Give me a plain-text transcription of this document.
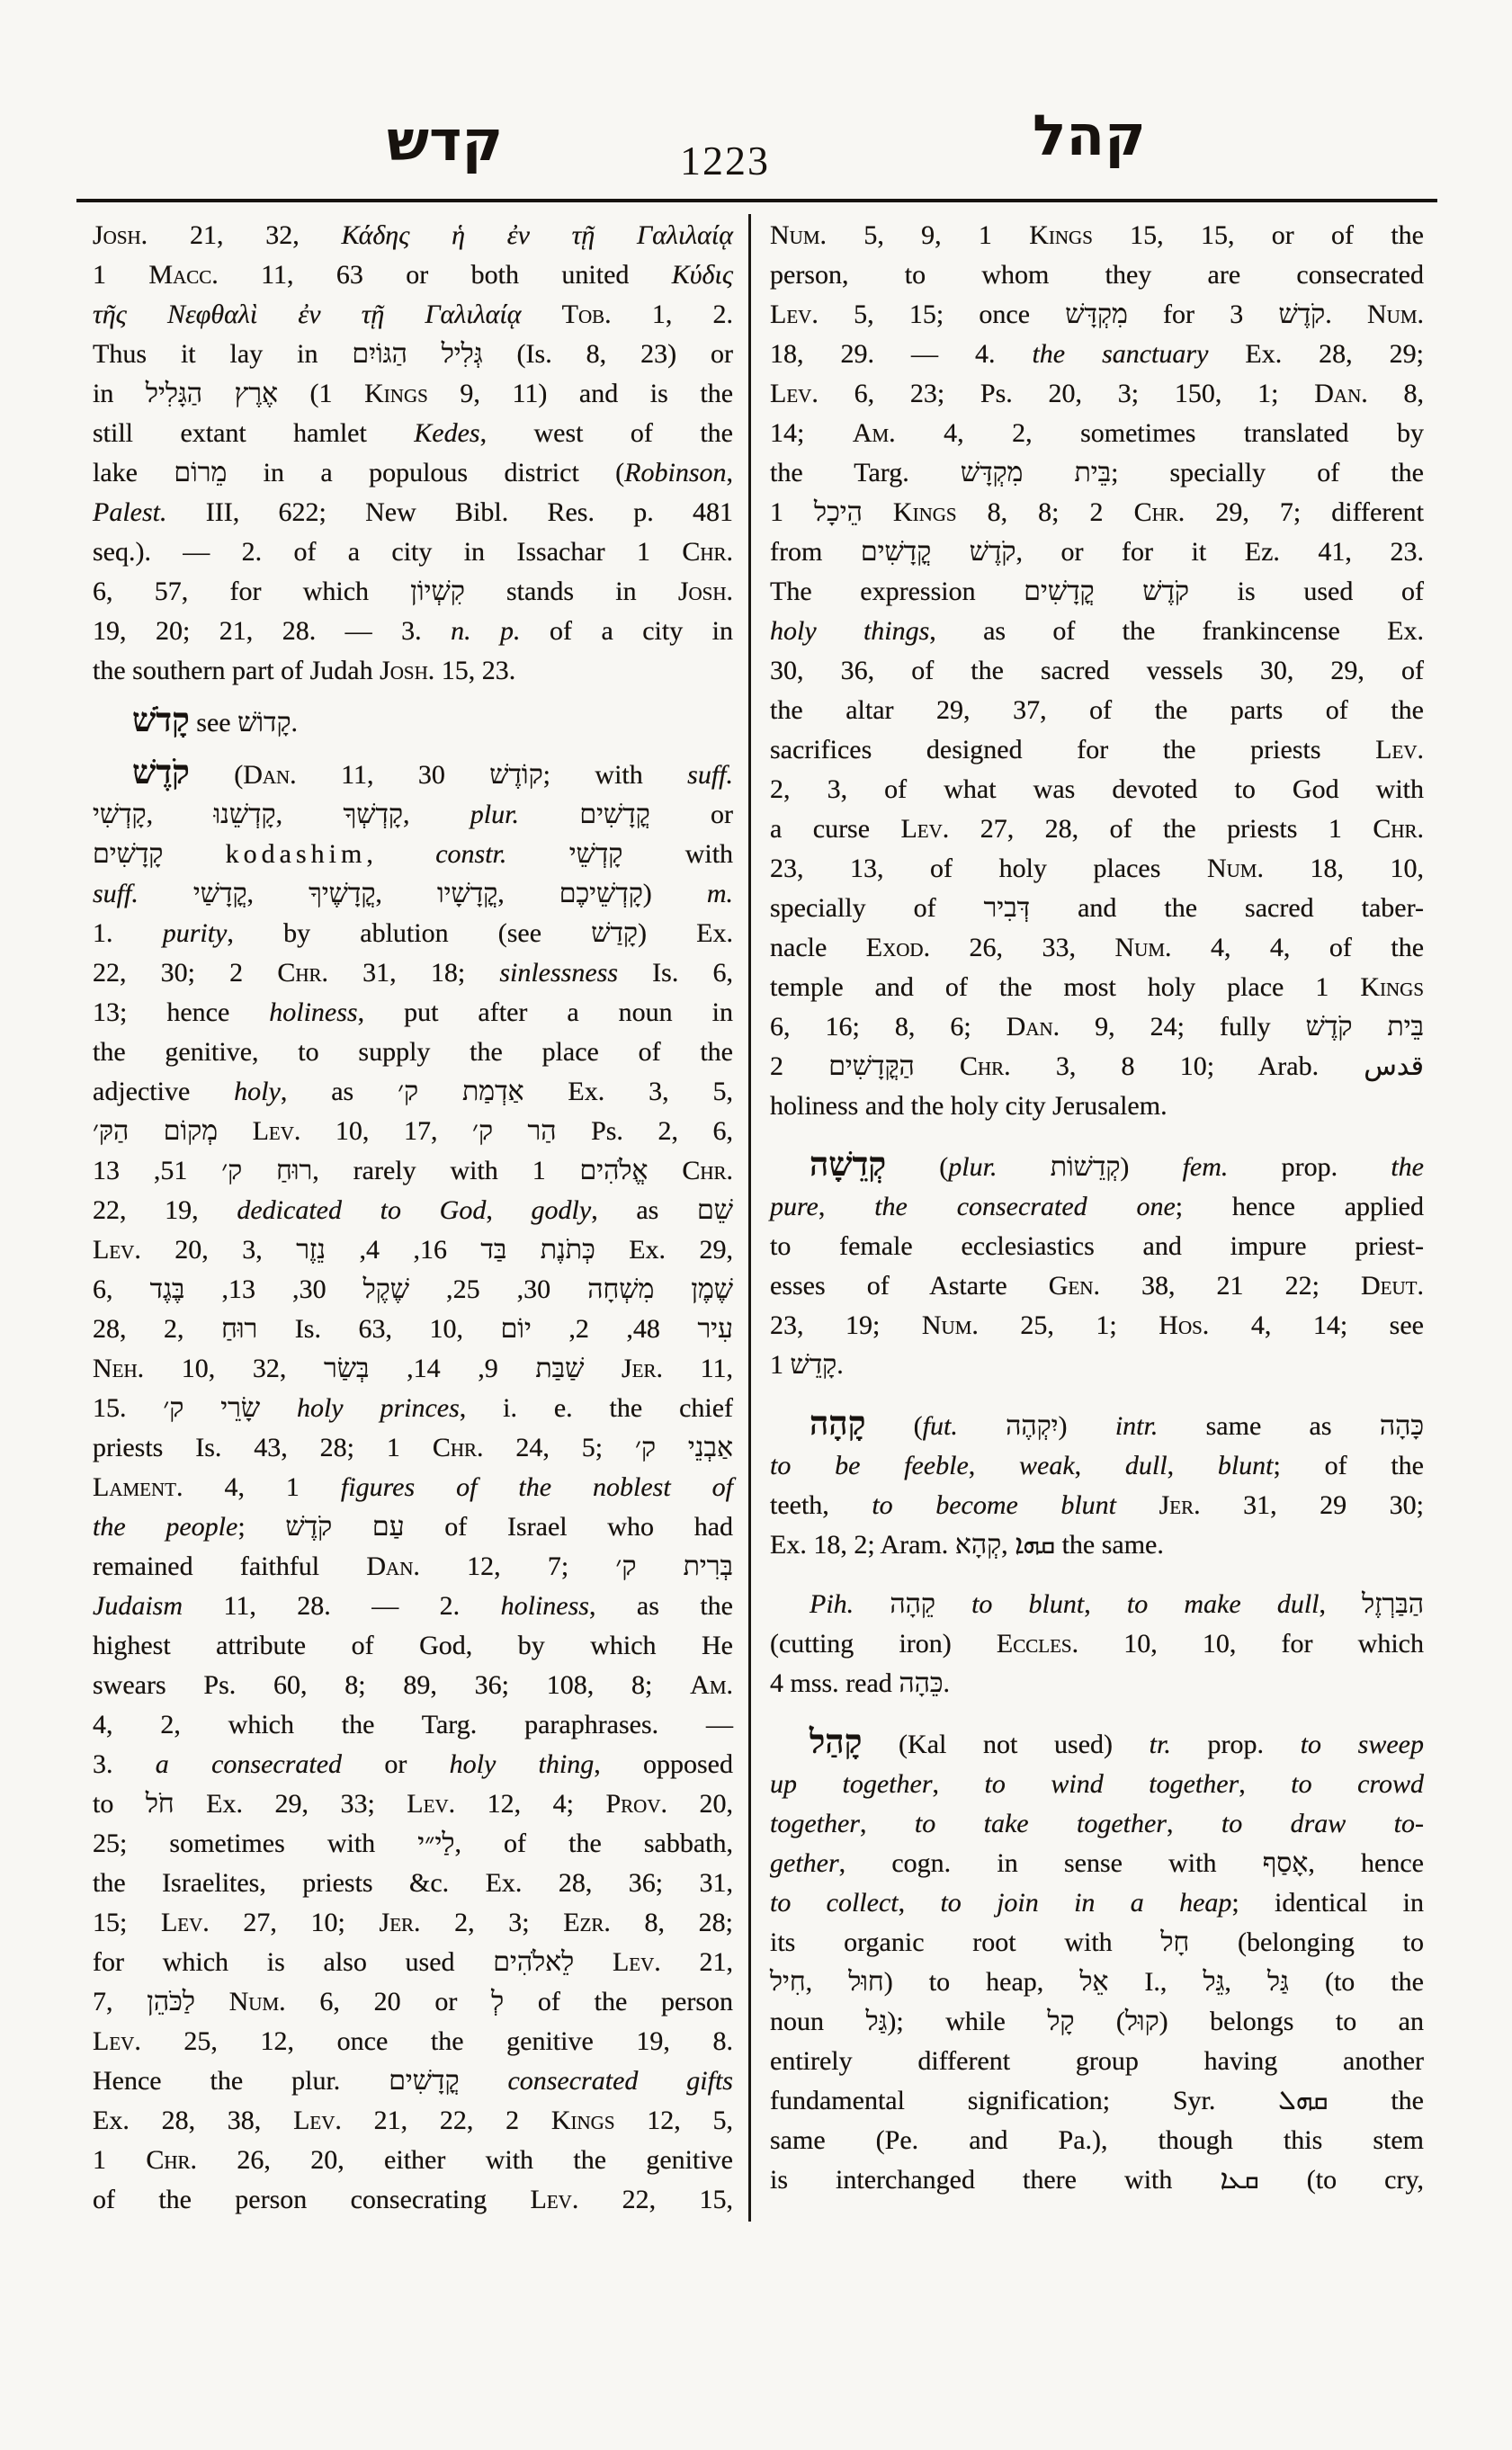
קדש	1223	קהל
Josh. 21, 32, Κάδης ἡ ἐν τῇ Γαλιλαίᾳ
1 Macc. 11, 63 or both united Κύδις
τῆς Νεφθαλὶ ἐν τῇ Γαλιλαίᾳ Tob. 1, 2.
Thus it lay in גְּלִיל הַגּוֹיִם (Is. 8, 23) or
in אֶרֶץ הַגָּלִיל (1 Kings 9, 11) and is the
still extant hamlet Kedes, west of the
lake מֵרוֹם in a populous district (Robinson,
Palest. III, 622; New Bibl. Res. p. 481
seq.). — 2. of a city in Issachar 1 Chr.
6, 57, for which קִשְׁיוֹן stands in Josh.
19, 20; 21, 28. — 3. n. p. of a city in
the southern part of Judah Josh. 15, 23.
קָדֹשׁ see קָדוֹשׁ.
קֹדֶשׁ (Dan. 11, 30 קוֹדֶשׁ; with suff.
קָדְשִׁי,‎ קָדְשֵׁנוּ,‎ קָדְשְׁךָ,‎ plur. קֳדָשִׁים or
קָדָשִׁים kodashim, constr. קָדְשֵׁי with
suff. קֳדָשַׁי,‎ קֳדָשֶׁיךָ,‎ קֳדָשָׁיו,‎ קָדְשֵׁיכֶם) m.
1. purity, by ablution (see קָדַשׁ) Ex.
22, 30; 2 Chr. 31, 18; sinlessness Is. 6,
13; hence holiness, put after a noun in
the genitive, to supply the place of the
adjective holy, as אַדְמַת ק׳ Ex. 3, 5,
מְקוֹם הַקּ׳ Lev. 10, 17, הַר ק׳ Ps. 2, 6,
רוּחַ ק׳ 51, 13, rarely with אֱלֹהִים 1 Chr.
22, 19, dedicated to God, godly, as שֵׁם
Lev. 20, 3, כְּתֹנֶת בַּד 16, 4, נֵזֶר Ex. 29,
6, שֶׁמֶן מִשְׁחָה 30, 25, שֶׁקֶל 30, 13, בֶּגֶד
28, 2, רוּחַ Is. 63, 10, עִיר 48, 2, יוֹם
Neh. 10, 32, שַׁבַּת 9, 14, בְּשַׂר Jer. 11,
15. שָׂרֵי ק׳ holy princes, i. e. the chief
priests Is. 43, 28; 1 Chr. 24, 5; אַבְנֵי ק׳
Lament. 4, 1 figures of the noblest of
the people; עַם קֹדֶשׁ of Israel who had
remained faithful Dan. 12, 7; בְּרִית ק׳
Judaism 11, 28. — 2. holiness, as the
highest attribute of God, by which He
swears Ps. 60, 8; 89, 36; 108, 8; Am.
4, 2, which the Targ. paraphrases. —
3. a consecrated or holy thing, opposed
to חֹל Ex. 29, 33; Lev. 12, 4; Prov. 20,
25; sometimes with לַי״י, of the sabbath,
the Israelites, priests &c. Ex. 28, 36; 31,
15; Lev. 27, 10; Jer. 2, 3; Ezr. 8, 28;
for which is also used לֵאלֹהִים Lev. 21,
7, לַכֹּהֵן Num. 6, 20 or לְ of the person
Lev. 25, 12, once the genitive 19, 8.
Hence the plur. קֳדָשִׁים consecrated gifts
Ex. 28, 38, Lev. 21, 22, 2 Kings 12, 5,
1 Chr. 26, 20, either with the genitive
of the person consecrating Lev. 22, 15,
Num. 5, 9, 1 Kings 15, 15, or of the
person, to whom they are consecrated
Lev. 5, 15; once מִקְדָּשׁ for קֹדֶשׁ 3. Num.
18, 29. — 4. the sanctuary Ex. 28, 29;
Lev. 6, 23; Ps. 20, 3; 150, 1; Dan. 8,
14; Am. 4, 2, sometimes translated by
the Targ. בֵּית מִקְדָּשׁ; specially of the
הֵיכָל 1 Kings 8, 8; 2 Chr. 29, 7; different
from קֹדֶשׁ קֳדָשִׁים, or for it Ez. 41, 23.
The expression קֹדֶשׁ קֳדָשִׁים is used of
holy things, as of the frankincense Ex.
30, 36, of the sacred vessels 30, 29, of
the altar 29, 37, of the parts of the
sacrifices designed for the priests Lev.
2, 3, of what was devoted to God with
a curse Lev. 27, 28, of the priests 1 Chr.
23, 13, of holy places Num. 18, 10,
specially of דְּבִיר and the sacred taber-
nacle Exod. 26, 33, Num. 4, 4, of the
temple and of the most holy place 1 Kings
6, 16; 8, 6; Dan. 9, 24; fully בֵּית קֹדֶשׁ
הַקֳּדָשִׁים 2 Chr. 3, 8 10; Arab. قدس
holiness and the holy city Jerusalem.
קְדֵשָׁה (plur. קְדֵשׁוֹת) fem. prop. the
pure, the consecrated one; hence applied
to female ecclesiastics and impure priest-
esses of Astarte Gen. 38, 21 22; Deut.
23, 19; Num. 25, 1; Hos. 4, 14; see
קָדֵשׁ 1.
קָהָה (fut. יִקְהֶה) intr. same as כָּהָה
to be feeble, weak, dull, blunt; of the
teeth, to become blunt Jer. 31, 29 30;
Ex. 18, 2; Aram. קְהָא,‎ ܩܗܐ the same.
Pih. קֵהָה to blunt, to make dull, הַבַּרְזֶל
(cutting iron) Eccles. 10, 10, for which
4 mss. read כֵּהָה.
קָהַל (Kal not used) tr. prop. to sweep
up together, to wind together, to crowd
together, to take together, to draw to-
gether, cogn. in sense with אָסַף, hence
to collect, to join in a heap; identical in
its organic root with חָל (belonging to
חִיל,‎ חוּל) to heap, אֵל I., גֵּל,‎ גַּל (to the
noun גַּל); while קָל‎ (קוּל) belongs to an
entirely different group having another
fundamental signification; Syr. ܩܗܠ the
same (Pe. and Pa.), though this stem
is interchanged there with ܩܥܐ (to cry,
